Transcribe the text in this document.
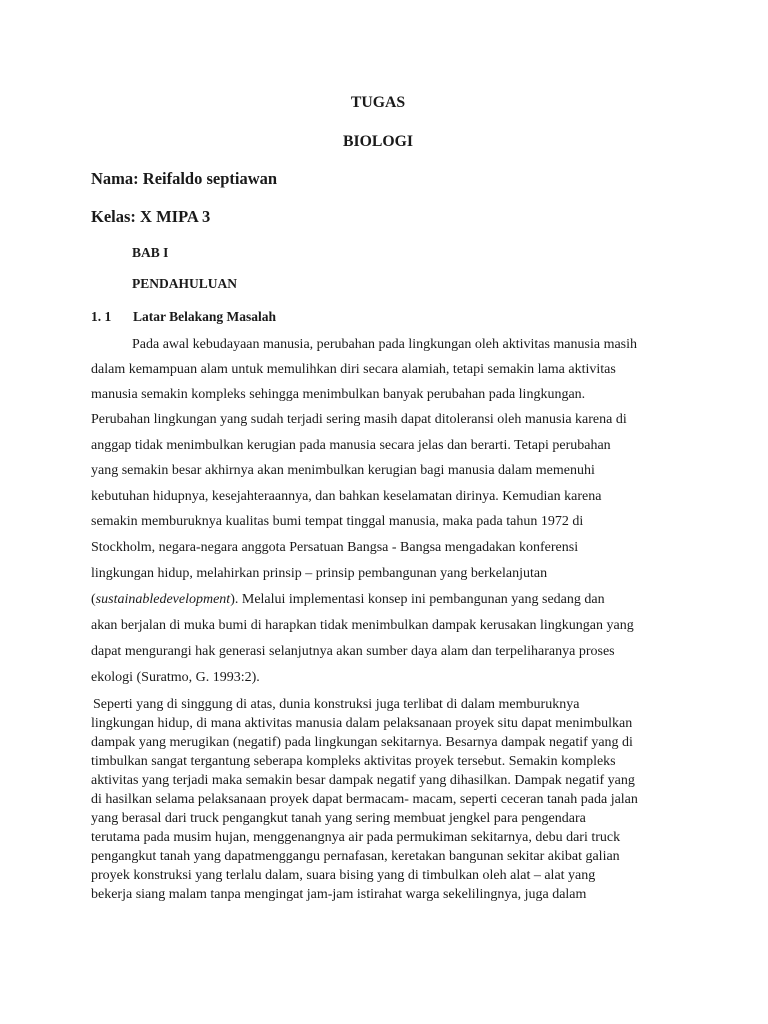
TUGAS

BIOLOGI

Nama: Reifaldo septiawan

Kelas: X MIPA 3

BAB I

PENDAHULUAN

1. 1 Latar Belakang Masalah

Pada awal kebudayaan manusia, perubahan pada lingkungan oleh aktivitas manusia masih

dalam kemampuan alam untuk memulihkan diri secara alamiah, tetapi semakin lama aktivitas

manusia semakin kompleks sehingga menimbulkan banyak perubahan pada lingkungan.

Perubahan lingkungan yang sudah terjadi sering masih dapat ditoleransi oleh manusia karena di

anggap tidak menimbulkan kerugian pada manusia secara jelas dan berarti. Tetapi perubahan

yang semakin besar akhirnya akan menimbulkan kerugian bagi manusia dalam memenuhi

kebutuhan hidupnya, kesejahteraannya, dan bahkan keselamatan dirinya. Kemudian karena

semakin memburuknya kualitas bumi tempat tinggal manusia, maka pada tahun 1972 di

Stockholm, negara-negara anggota Persatuan Bangsa - Bangsa mengadakan konferensi

lingkungan hidup, melahirkan prinsip – prinsip pembangunan yang berkelanjutan

(sustainabledevelopment). Melalui implementasi konsep ini pembangunan yang sedang dan

akan berjalan di muka bumi di harapkan tidak menimbulkan dampak kerusakan lingkungan yang

dapat mengurangi hak generasi selanjutnya akan sumber daya alam dan terpeliharanya proses

ekologi (Suratmo, G. 1993:2).

Seperti yang di singgung di atas, dunia konstruksi juga terlibat di dalam memburuknya

lingkungan hidup, di mana aktivitas manusia dalam pelaksanaan proyek situ dapat menimbulkan

dampak yang merugikan (negatif) pada lingkungan sekitarnya. Besarnya dampak negatif yang di

timbulkan sangat tergantung seberapa kompleks aktivitas proyek tersebut. Semakin kompleks

aktivitas yang terjadi maka semakin besar dampak negatif yang dihasilkan. Dampak negatif yang

di hasilkan selama pelaksanaan proyek dapat bermacam- macam, seperti ceceran tanah pada jalan

yang berasal dari truck pengangkut tanah yang sering membuat jengkel para pengendara

terutama pada musim hujan, menggenangnya air pada permukiman sekitarnya, debu dari truck

pengangkut tanah yang dapatmenggangu pernafasan, keretakan bangunan sekitar akibat galian

proyek konstruksi yang terlalu dalam, suara bising yang di timbulkan oleh alat – alat yang

bekerja siang malam tanpa mengingat jam-jam istirahat warga sekelilingnya, juga dalam
